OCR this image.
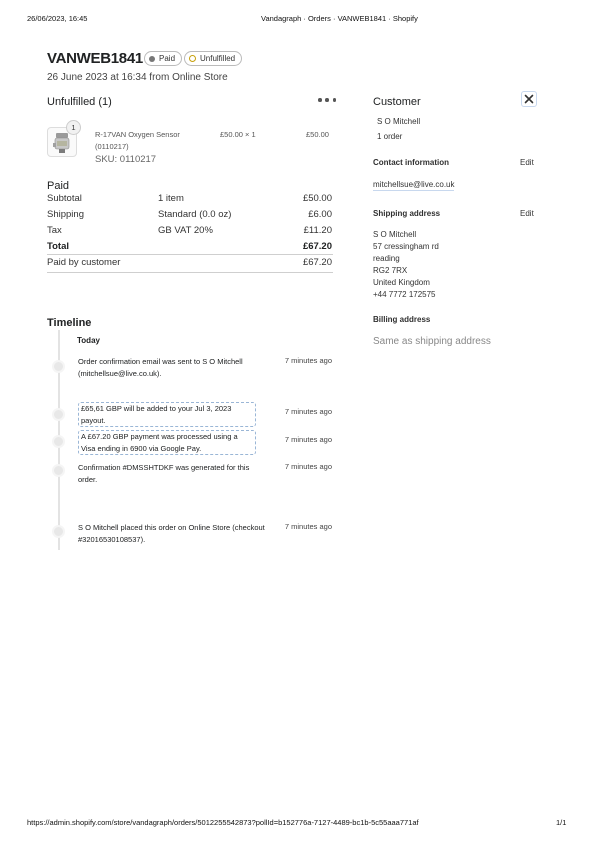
26/06/2023, 16:45	Vandagraph · Orders · VANWEB1841 · Shopify
VANWEB1841 Paid	Unfulfilled
26 June 2023 at 16:34 from Online Store
Unfulfilled (1)
1
R-17VAN Oxygen Sensor
(0110217)
SKU: 0110217
£50.00 × 1	£50.00
Paid
Subtotal	1 item	£50.00
Shipping	Standard (0.0 oz)	£6.00
Tax	GB VAT 20%	£11.20
Total	£67.20
Paid by customer	£67.20
Timeline
Today
Order confirmation email was sent to S O Mitchell (mitchellsue@live.co.uk).
7 minutes ago
£65,61 GBP will be added to your Jul 3, 2023 payout.
7 minutes ago
A £67.20 GBP payment was processed using a Visa ending in 6900 via Google Pay.
7 minutes ago
Confirmation #DMSSHTDKF was generated for this order.
7 minutes ago
S O Mitchell placed this order on Online Store (checkout #32016530108537).
7 minutes ago
Customer
S O Mitchell
1 order
Contact information	Edit
mitchellsue@live.co.uk
Shipping address	Edit
S O Mitchell
57 cressingham rd
reading
RG2 7RX
United Kingdom
+44 7772 172575
Billing address
Same as shipping address
https://admin.shopify.com/store/vandagraph/orders/5012255542873?pollId=b152776a-7127-4489-bc1b-5c55aaa771af	1/1
